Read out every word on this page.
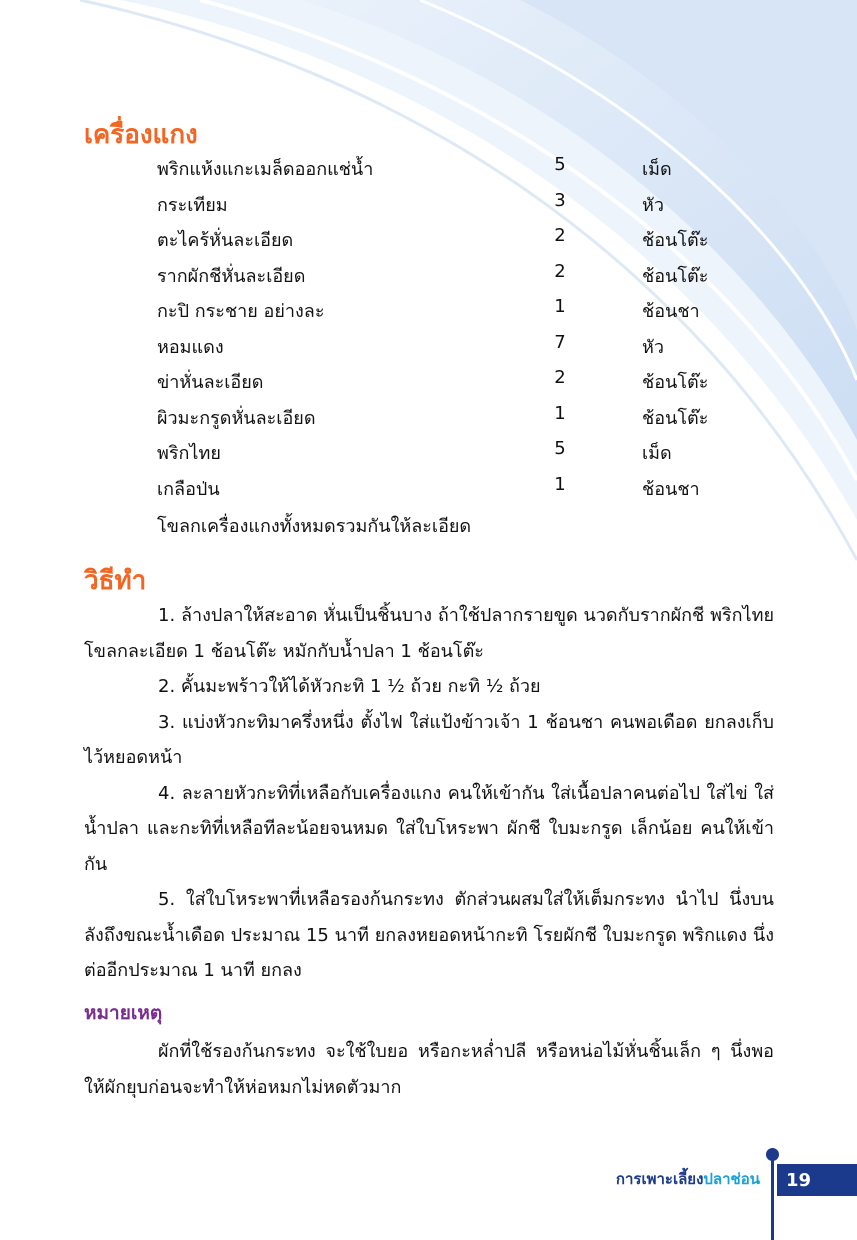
เครื่องแกง
พริกแห้งแกะเมล็ดออกแช่น้ำ	5	เม็ด
กระเทียม	3	หัว
ตะไคร้หั่นละเอียด	2	ช้อนโต๊ะ
รากผักชีหั่นละเอียด	2	ช้อนโต๊ะ
กะปิ กระชาย อย่างละ	1	ช้อนชา
หอมแดง	7	หัว
ข่าหั่นละเอียด	2	ช้อนโต๊ะ
ผิวมะกรูดหั่นละเอียด	1	ช้อนโต๊ะ
พริกไทย	5	เม็ด
เกลือป่น	1	ช้อนชา
โขลกเครื่องแกงทั้งหมดรวมกันให้ละเอียด
วิธีทำ

1. ล้างปลาให้สะอาด หั่นเป็นชิ้นบาง ถ้าใช้ปลากรายขูด นวดกับรากผักชี พริกไทยโขลกละเอียด 1 ช้อนโต๊ะ หมักกับน้ำปลา 1 ช้อนโต๊ะ

2. คั้นมะพร้าวให้ได้หัวกะทิ 1 ½ ถ้วย กะทิ ½ ถ้วย

3. แบ่งหัวกะทิมาครึ่งหนึ่ง ตั้งไฟ ใส่แป้งข้าวเจ้า 1 ช้อนชา คนพอเดือด ยกลงเก็บไว้หยอดหน้า

4. ละลายหัวกะทิที่เหลือกับเครื่องแกง คนให้เข้ากัน ใส่เนื้อปลาคนต่อไป ใส่ไข่ ใส่น้ำปลา และกะทิที่เหลือทีละน้อยจนหมด ใส่ใบโหระพา ผักชี ใบมะกรูด เล็กน้อย คนให้เข้ากัน

5. ใส่ใบโหระพาที่เหลือรองก้นกระทง ตักส่วนผสมใส่ให้เต็มกระทง นำไป นึ่งบนลังถึงขณะน้ำเดือด ประมาณ 15 นาที ยกลงหยอดหน้ากะทิ โรยผักชี ใบมะกรูด พริกแดง นึ่งต่ออีกประมาณ 1 นาที ยกลง

หมายเหตุ

ผักที่ใช้รองก้นกระทง จะใช้ใบยอ หรือกะหล่ำปลี หรือหน่อไม้หั่นชิ้นเล็ก ๆ นึ่งพอให้ผักยุบก่อนจะทำให้ห่อหมกไม่หดตัวมาก

การเพาะเลี้ยงปลาช่อน 19
